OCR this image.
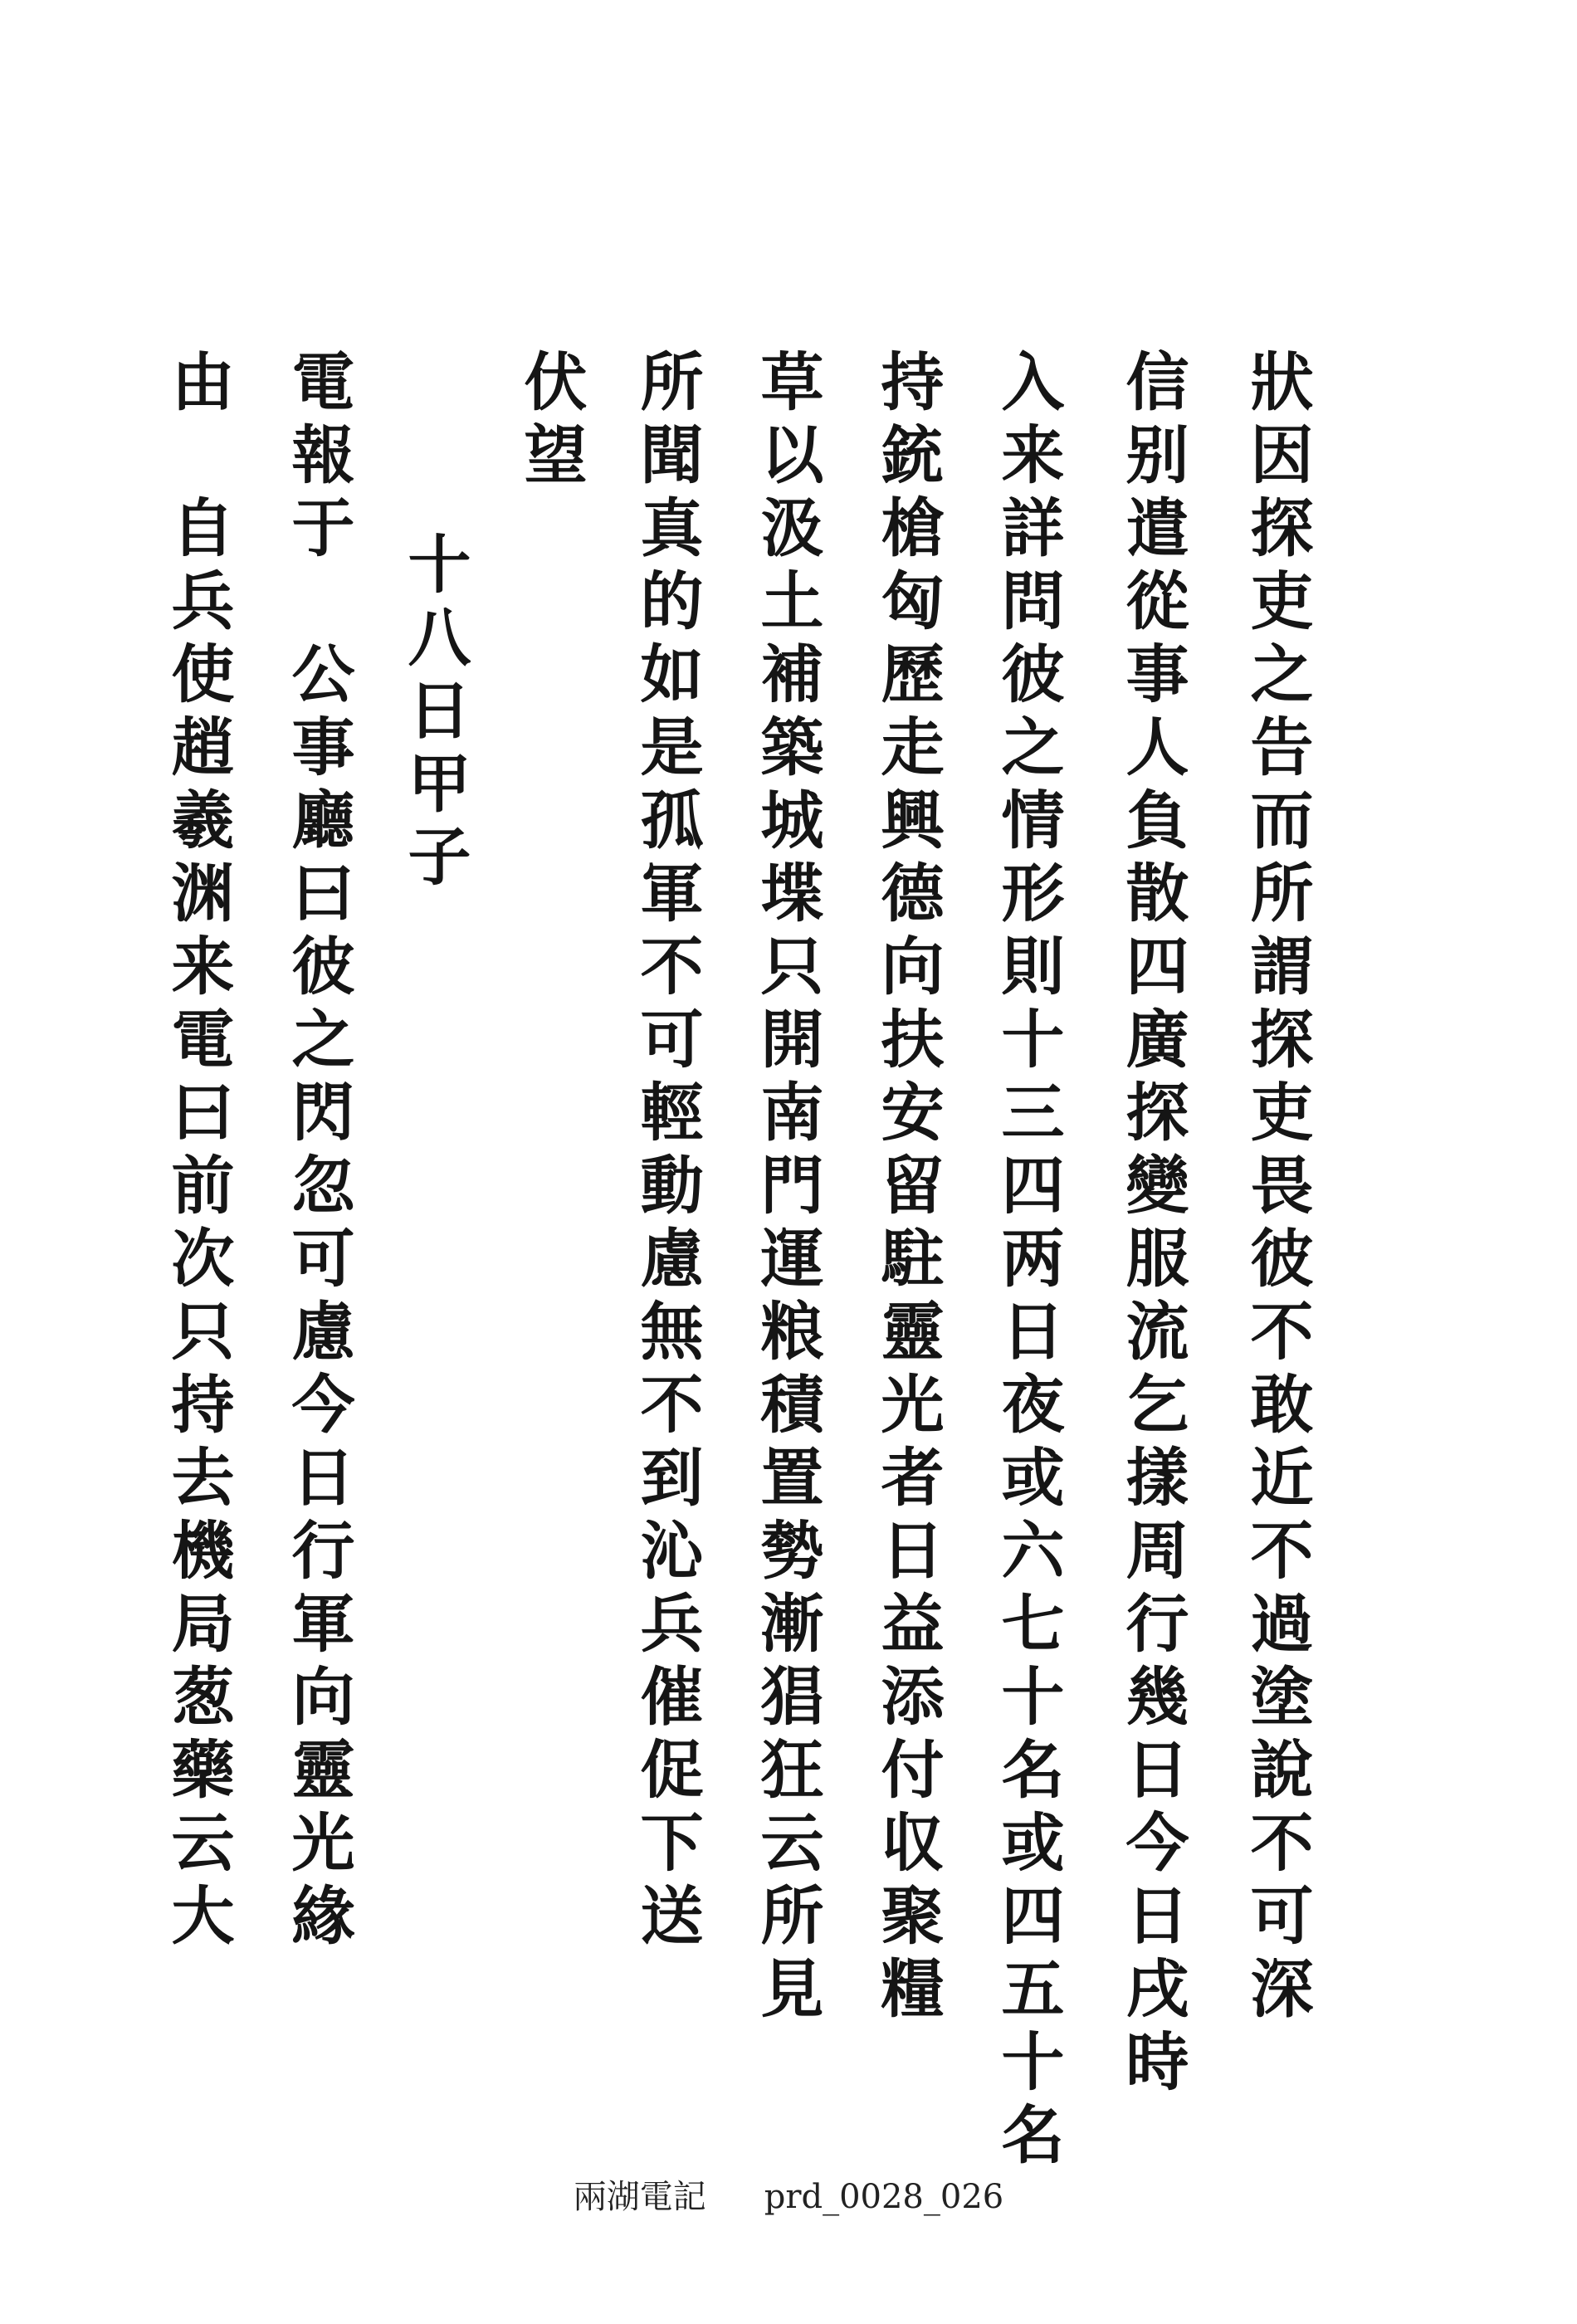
狀因探吏之告而所謂探吏畏彼不敢近不過塗說不可深
信别遣從事人負散四廣探變服流乞㨾周行幾日今日戌時
入来詳問彼之情形則十三四两日夜或六七十名或四五十名
持銃槍匈歷走興德向扶安留駐靈光者日益添付収聚糧
草以汲土補築城堞只開南門運粮積置勢漸猖狂云所見
所聞真的如是孤軍不可輕動慮無不到沁兵催促下送
伏望
十八日甲子
電報于　公事廳曰彼之閃忽可慮今日行軍向靈光緣
由　自兵使趙羲渊来電曰前次只持去機局葱藥云大
兩湖電記 prd_0028_026
